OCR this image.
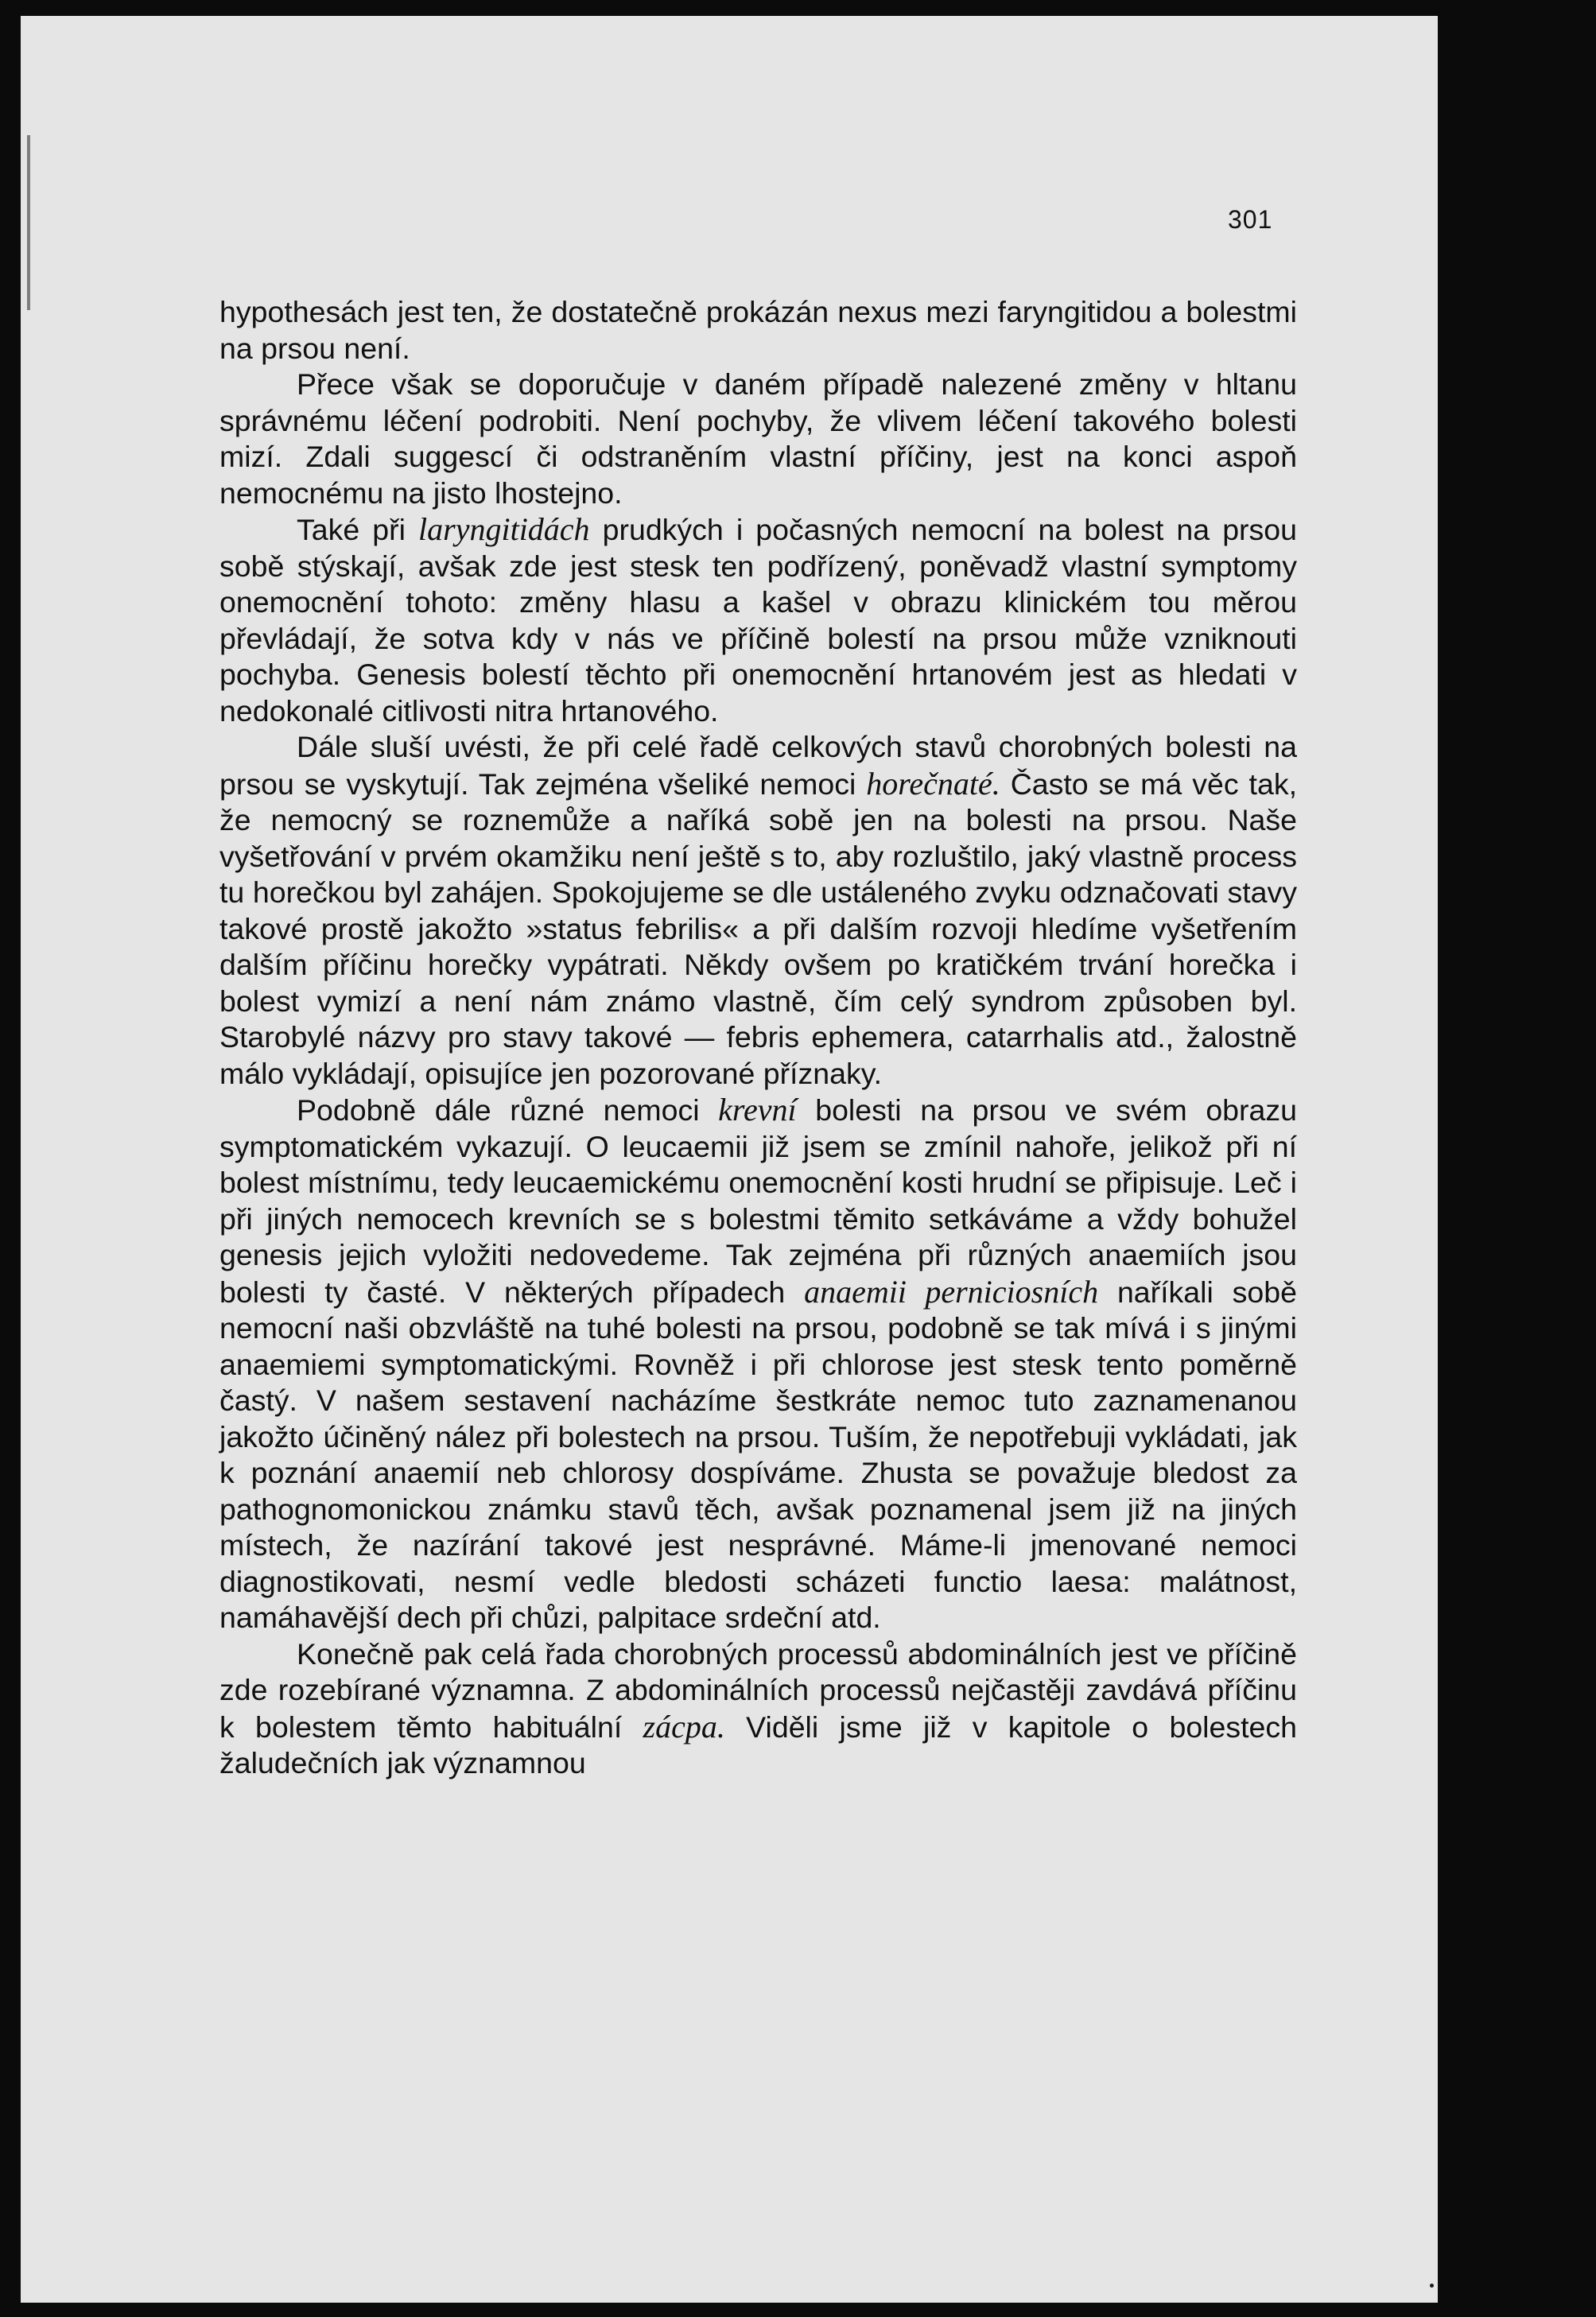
301

hypothesách jest ten, že dostatečně prokázán nexus mezi faryngitidou a bolestmi na prsou není.

Přece však se doporučuje v daném případě nalezené změny v hltanu správnému léčení podrobiti. Není pochyby, že vlivem léčení takového bolesti mizí. Zdali suggescí či odstraněním vlastní příčiny, jest na konci aspoň nemocnému na jisto lhostejno.

Také při laryngitidách prudkých i počasných nemocní na bolest na prsou sobě stýskají, avšak zde jest stesk ten podřízený, poněvadž vlastní symptomy onemocnění tohoto: změny hlasu a kašel v obrazu klinickém tou měrou převládají, že sotva kdy v nás ve příčině bolestí na prsou může vzniknouti pochyba. Genesis bolestí těchto při onemocnění hrtanovém jest as hledati v nedokonalé citlivosti nitra hrtanového.

Dále sluší uvésti, že při celé řadě celkových stavů chorobných bolesti na prsou se vyskytují. Tak zejména všeliké nemoci horečnaté. Často se má věc tak, že nemocný se roznemůže a naříká sobě jen na bolesti na prsou. Naše vyšetřování v prvém okamžiku není ještě s to, aby rozluštilo, jaký vlastně process tu horečkou byl zahájen. Spokojujeme se dle ustáleného zvyku odznačovati stavy takové prostě jakožto »status febrilis« a při dalším rozvoji hledíme vyšetřením dalším příčinu horečky vypátrati. Někdy ovšem po kratičkém trvání horečka i bolest vymizí a není nám známo vlastně, čím celý syndrom způsoben byl. Starobylé názvy pro stavy takové — febris ephemera, catarrhalis atd., žalostně málo vykládají, opisujíce jen pozorované příznaky.

Podobně dále různé nemoci krevní bolesti na prsou ve svém obrazu symptomatickém vykazují. O leucaemii již jsem se zmínil nahoře, jelikož při ní bolest místnímu, tedy leucaemickému onemocnění kosti hrudní se připisuje. Leč i při jiných nemocech krevních se s bolestmi těmito setkáváme a vždy bohužel genesis jejich vyložiti nedovedeme. Tak zejména při různých anaemiích jsou bolesti ty časté. V některých případech anaemii perniciosních naříkali sobě nemocní naši obzvláště na tuhé bolesti na prsou, podobně se tak mívá i s jinými anaemiemi symptomatickými. Rovněž i při chlorose jest stesk tento poměrně častý. V našem sestavení nacházíme šestkráte nemoc tuto zaznamenanou jakožto účiněný nález při bolestech na prsou. Tuším, že nepotřebuji vykládati, jak k poznání anaemií neb chlorosy dospíváme. Zhusta se považuje bledost za pathognomonickou známku stavů těch, avšak poznamenal jsem již na jiných místech, že nazírání takové jest nesprávné. Máme-li jmenované nemoci diagnostikovati, nesmí vedle bledosti scházeti functio laesa: malátnost, namáhavější dech při chůzi, palpitace srdeční atd.

Konečně pak celá řada chorobných processů abdominálních jest ve příčině zde rozebírané významna. Z abdominálních processů nejčastěji zavdává příčinu k bolestem těmto habituální zácpa. Viděli jsme již v kapitole o bolestech žaludečních jak významnou
